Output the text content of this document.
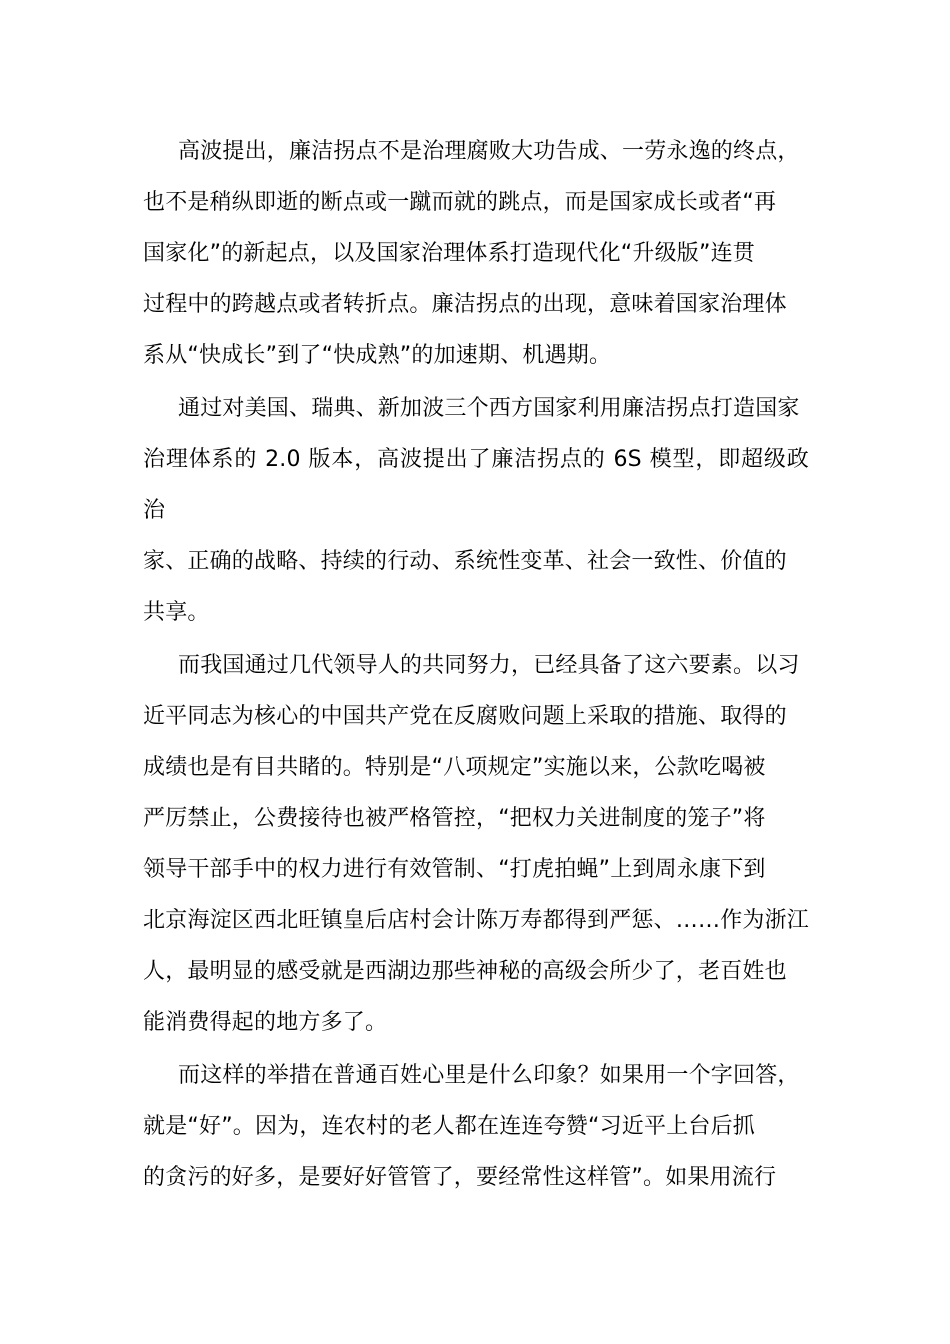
高波提出，廉洁拐点不是治理腐败大功告成、一劳永逸的终点，
也不是稍纵即逝的断点或一蹴而就的跳点，而是国家成长或者“再
国家化”的新起点，以及国家治理体系打造现代化“升级版”连贯
过程中的跨越点或者转折点。廉洁拐点的出现，意味着国家治理体
系从“快成长”到了“快成熟”的加速期、机遇期。

通过对美国、瑞典、新加波三个西方国家利用廉洁拐点打造国家
治理体系的 2.0 版本，高波提出了廉洁拐点的 6S 模型，即超级政治
家、正确的战略、持续的行动、系统性变革、社会一致性、价值的
共享。

而我国通过几代领导人的共同努力，已经具备了这六要素。以习
近平同志为核心的中国共产党在反腐败问题上采取的措施、取得的
成绩也是有目共睹的。特别是“八项规定”实施以来，公款吃喝被
严厉禁止，公费接待也被严格管控，“把权力关进制度的笼子”将
领导干部手中的权力进行有效管制、“打虎拍蝇”上到周永康下到
北京海淀区西北旺镇皇后店村会计陈万寿都得到严惩、……作为浙江
人，最明显的感受就是西湖边那些神秘的高级会所少了，老百姓也
能消费得起的地方多了。

而这样的举措在普通百姓心里是什么印象？如果用一个字回答，
就是“好”。因为，连农村的老人都在连连夸赞“习近平上台后抓
的贪污的好多，是要好好管管了，要经常性这样管”。如果用流行
